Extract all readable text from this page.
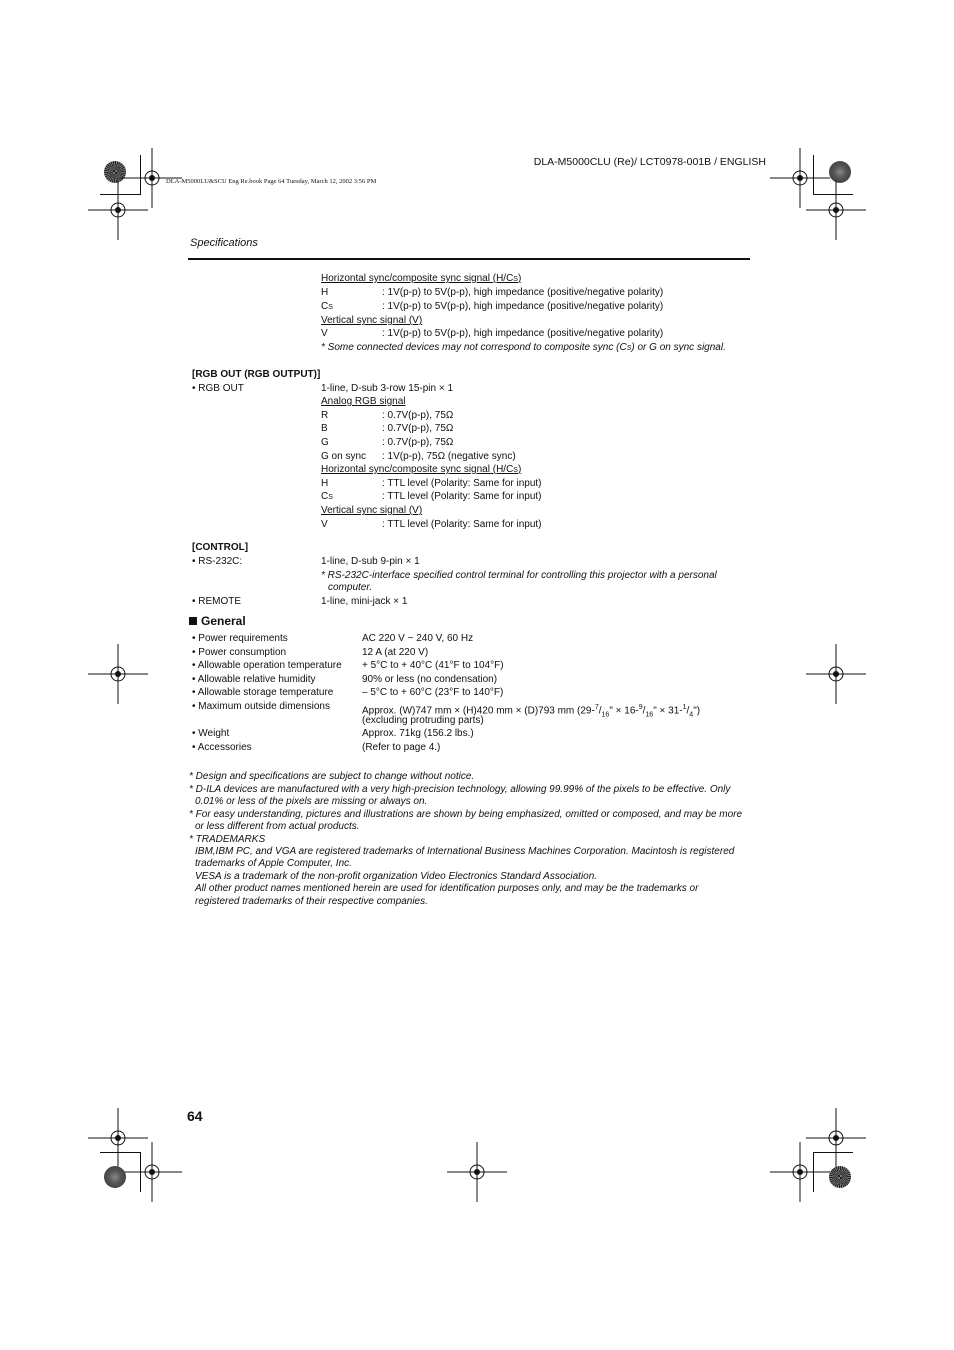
DLA-M5000CLU (Re)/ LCT0978-001B / ENGLISH
DLA-M5000LU&SCU Eng Re.book Page 64 Tuesday, March 12, 2002 3:56 PM
Specifications
Horizontal sync/composite sync signal (H/CS)
H	: 1V(p-p) to 5V(p-p), high impedance (positive/negative polarity)
CS	: 1V(p-p) to 5V(p-p), high impedance (positive/negative polarity)
Vertical sync signal (V)
V	: 1V(p-p) to 5V(p-p), high impedance (positive/negative polarity)
* Some connected devices may not correspond to composite sync (CS) or G on sync signal.
[RGB OUT (RGB OUTPUT)]
• RGB OUT	1-line, D-sub 3-row 15-pin × 1
Analog RGB signal
R	: 0.7V(p-p), 75Ω
B	: 0.7V(p-p), 75Ω
G	: 0.7V(p-p), 75Ω
G on sync : 1V(p-p), 75Ω (negative sync)
Horizontal sync/composite sync signal (H/CS)
H	: TTL level (Polarity: Same for input)
CS	: TTL level (Polarity: Same for input)
Vertical sync signal (V)
V	: TTL level (Polarity: Same for input)
[CONTROL]
• RS-232C:	1-line, D-sub 9-pin × 1
* RS-232C-interface specified control terminal for controlling this projector with a personal
computer.
• REMOTE	1-line, mini-jack × 1
General
• Power requirements	AC 220 V ~ 240 V, 60 Hz
• Power consumption	12 A (at 220 V)
• Allowable operation temperature + 5°C to + 40°C (41°F to 104°F)
• Allowable relative humidity	90% or less (no condensation)
• Allowable storage temperature	– 5°C to + 60°C (23°F to 140°F)
• Maximum outside dimensions	Approx. (W)747 mm × (H)420 mm × (D)793 mm ($29-^7/_{16}$" × $16-^9/_{16}$" × $31-^1/_4$")
(excluding protruding parts)
• Weight	Approx. 71kg (156.2 lbs.)
• Accessories	(Refer to page 4.)
* Design and specifications are subject to change without notice.
* D-ILA devices are manufactured with a very high-precision technology, allowing 99.99% of the pixels to be effective. Only
0.01% or less of the pixels are missing or always on.
* For easy understanding, pictures and illustrations are shown by being emphasized, omitted or composed, and may be more
or less different from actual products.
* TRADEMARKS
IBM,IBM PC, and VGA are registered trademarks of International Business Machines Corporation. Macintosh is registered
trademarks of Apple Computer, Inc.
VESA is a trademark of the non-profit organization Video Electronics Standard Association.
All other product names mentioned herein are used for identification purposes only, and may be the trademarks or
registered trademarks of their respective companies.
64
